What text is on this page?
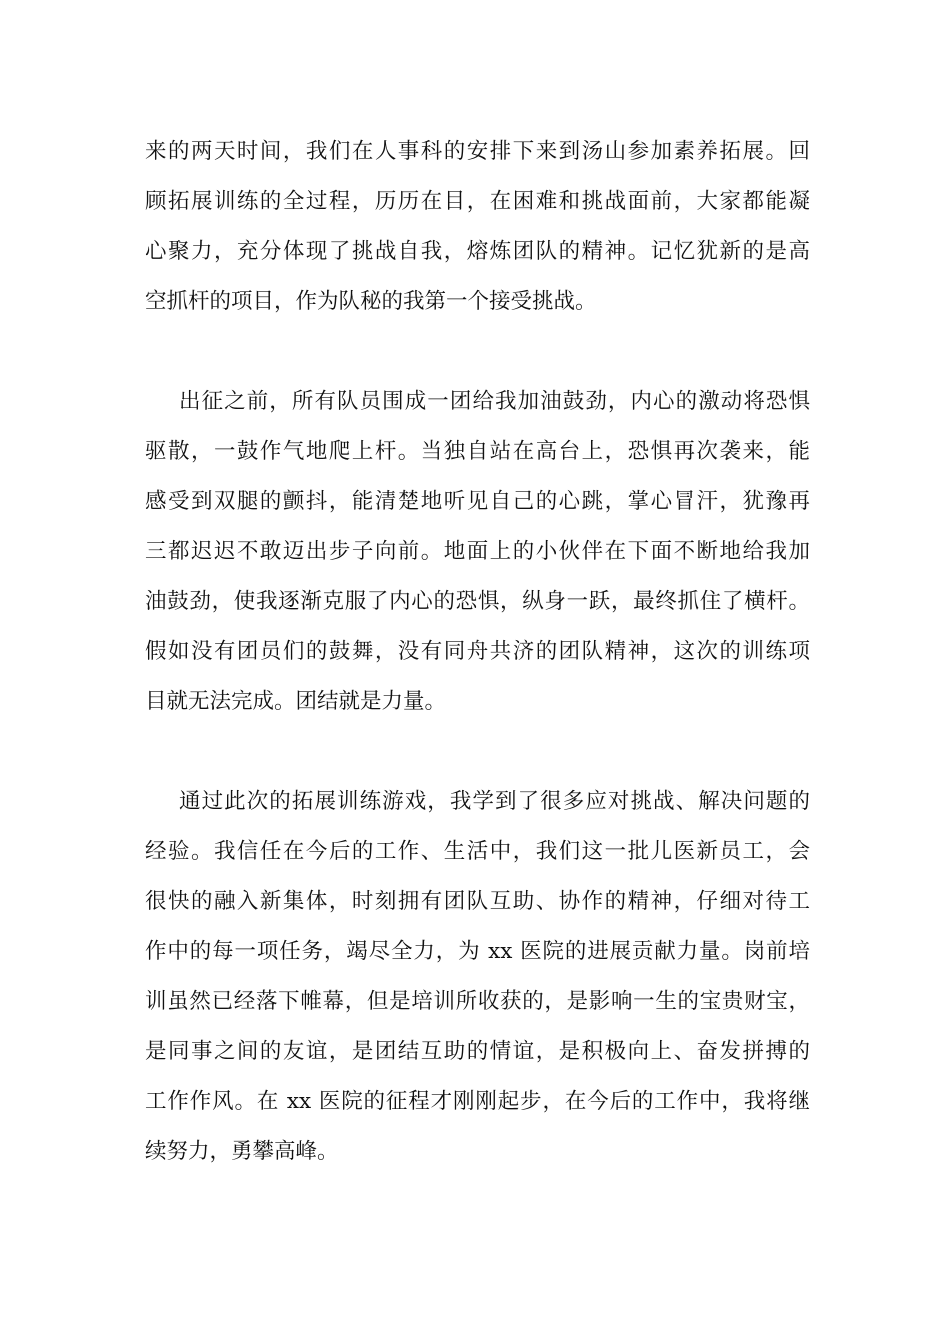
来的两天时间，我们在人事科的安排下来到汤山参加素养拓展。回
顾拓展训练的全过程，历历在目，在困难和挑战面前，大家都能凝
心聚力，充分体现了挑战自我，熔炼团队的精神。记忆犹新的是高
空抓杆的项目，作为队秘的我第一个接受挑战。
出征之前，所有队员围成一团给我加油鼓劲，内心的激动将恐惧
驱散，一鼓作气地爬上杆。当独自站在高台上，恐惧再次袭来，能
感受到双腿的颤抖，能清楚地听见自己的心跳，掌心冒汗，犹豫再
三都迟迟不敢迈出步子向前。地面上的小伙伴在下面不断地给我加
油鼓劲，使我逐渐克服了内心的恐惧，纵身一跃，最终抓住了横杆。
假如没有团员们的鼓舞，没有同舟共济的团队精神，这次的训练项
目就无法完成。团结就是力量。
通过此次的拓展训练游戏，我学到了很多应对挑战、解决问题的
经验。我信任在今后的工作、生活中，我们这一批儿医新员工，会
很快的融入新集体，时刻拥有团队互助、协作的精神，仔细对待工
作中的每一项任务，竭尽全力，为 xx 医院的进展贡献力量。岗前培
训虽然已经落下帷幕，但是培训所收获的，是影响一生的宝贵财宝，
是同事之间的友谊，是团结互助的情谊，是积极向上、奋发拼搏的
工作作风。在 xx 医院的征程才刚刚起步，在今后的工作中，我将继
续努力，勇攀高峰。
